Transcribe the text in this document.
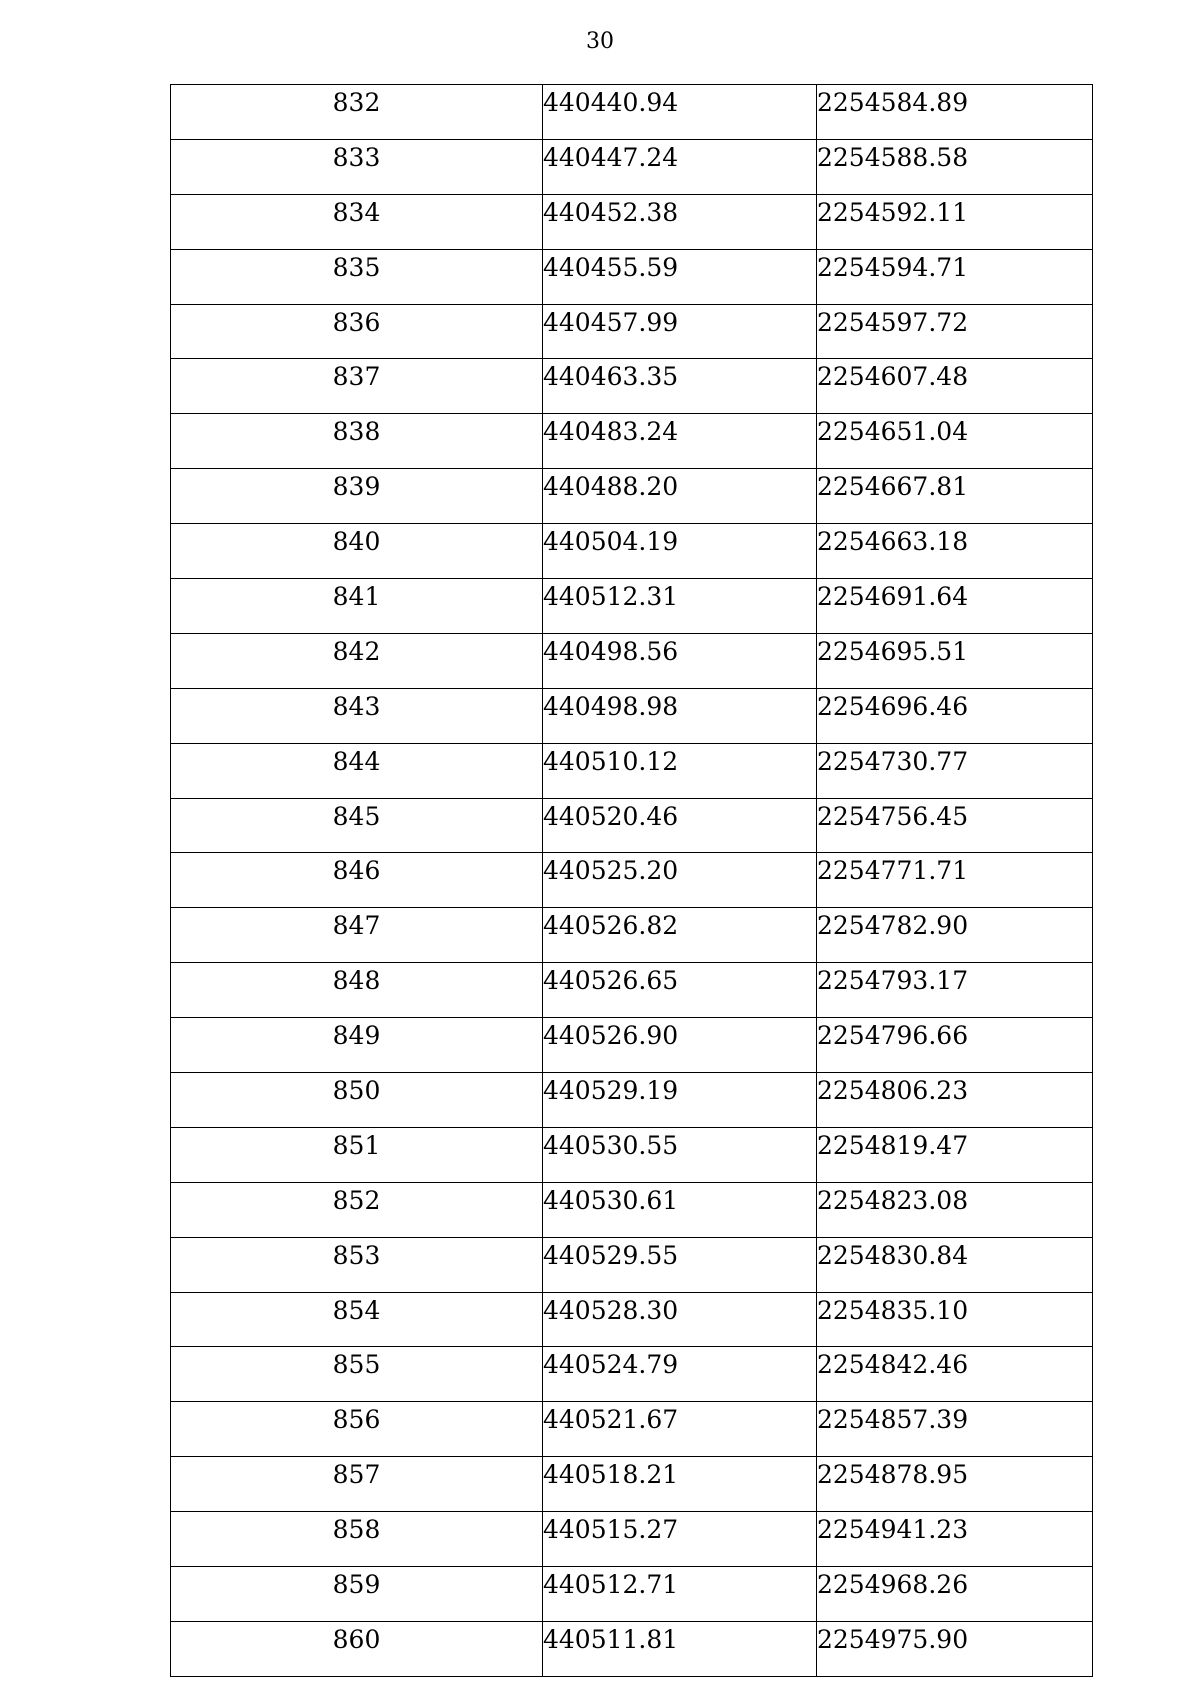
30
832	440440.94	2254584.89
833	440447.24	2254588.58
834	440452.38	2254592.11
835	440455.59	2254594.71
836	440457.99	2254597.72
837	440463.35	2254607.48
838	440483.24	2254651.04
839	440488.20	2254667.81
840	440504.19	2254663.18
841	440512.31	2254691.64
842	440498.56	2254695.51
843	440498.98	2254696.46
844	440510.12	2254730.77
845	440520.46	2254756.45
846	440525.20	2254771.71
847	440526.82	2254782.90
848	440526.65	2254793.17
849	440526.90	2254796.66
850	440529.19	2254806.23
851	440530.55	2254819.47
852	440530.61	2254823.08
853	440529.55	2254830.84
854	440528.30	2254835.10
855	440524.79	2254842.46
856	440521.67	2254857.39
857	440518.21	2254878.95
858	440515.27	2254941.23
859	440512.71	2254968.26
860	440511.81	2254975.90
